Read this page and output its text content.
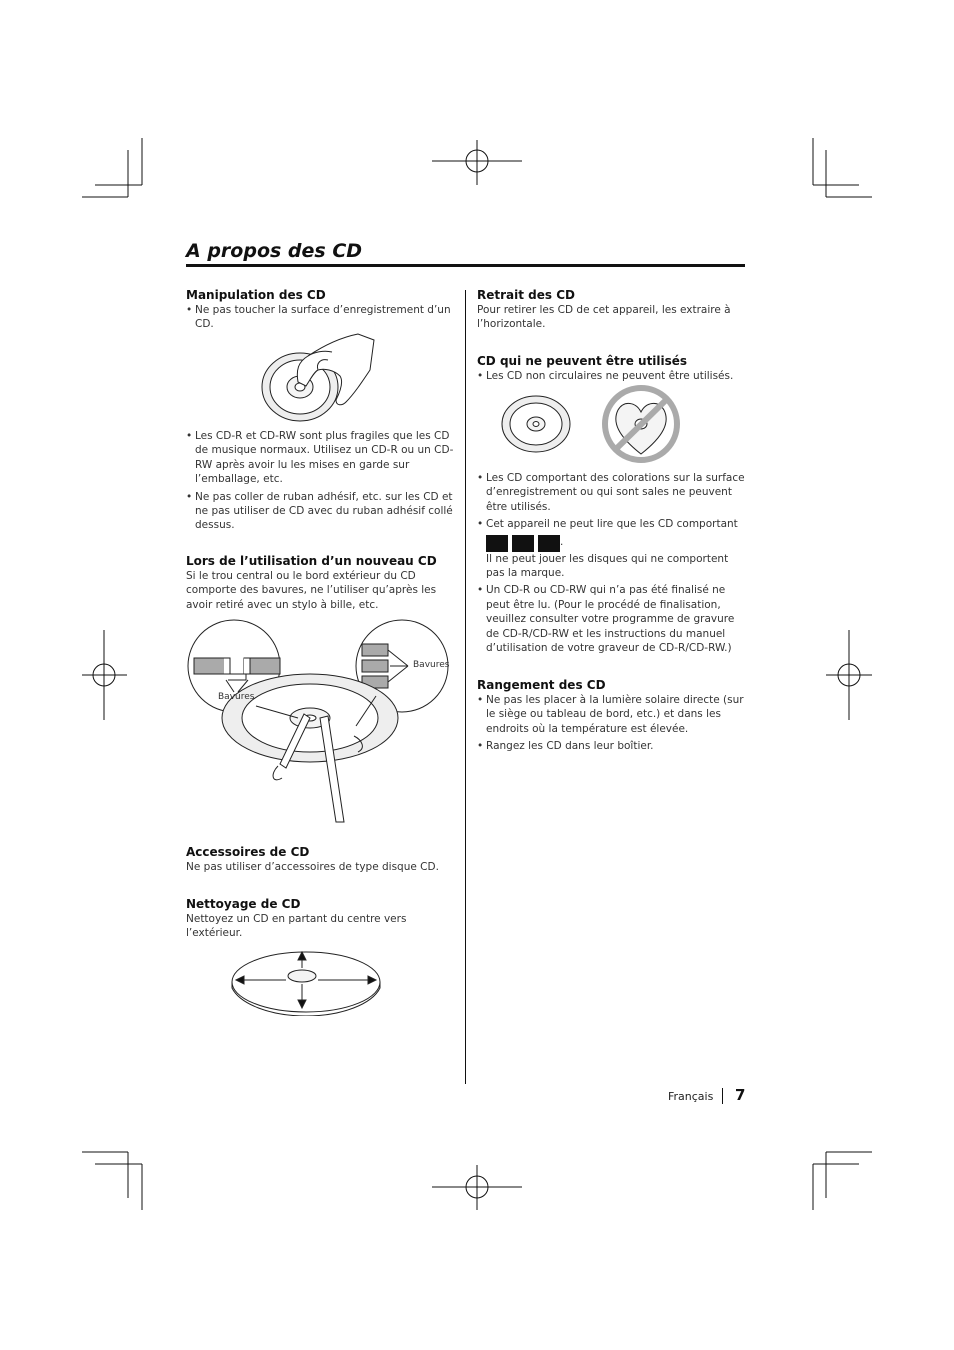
A propos des CD
Manipulation des CD
• Ne pas toucher la surface d’enregistrement d’un CD.
• Les CD-R et CD-RW sont plus fragiles que les CD de musique normaux. Utilisez un CD-R ou un CD-RW après avoir lu les mises en garde sur l’emballage, etc.
• Ne pas coller de ruban adhésif, etc. sur les CD et ne pas utiliser de CD avec du ruban adhésif collé dessus.
Lors de l’utilisation d’un nouveau CD

Si le trou central ou le bord extérieur du CD comporte des bavures, ne l’utiliser qu’après les avoir retiré avec un stylo à bille, etc.

Bavures
Bavures
Accessoires de CD

Ne pas utiliser d’accessoires de type disque CD.

Nettoyage de CD

Nettoyez un CD en partant du centre vers l’extérieur.

Retrait des CD

Pour retirer les CD de cet appareil, les extraire à l’horizontale.

CD qui ne peuvent être utilisés
• Les CD non circulaires ne peuvent être utilisés.
• Les CD comportant des colorations sur la surface d’enregistrement ou qui sont sales ne peuvent être utilisés.
• Cet appareil ne peut lire que les CD comportant

.
Il ne peut jouer les disques qui ne comportent pas la marque.
• Un CD-R ou CD-RW qui n’a pas été finalisé ne peut être lu. (Pour le procédé de finalisation, veuillez consulter votre programme de gravure de CD-R/CD-RW et les instructions du manuel d’utilisation de votre graveur de CD-R/CD-RW.)
Rangement des CD
• Ne pas les placer à la lumière solaire directe (sur le siège ou tableau de bord, etc.) et dans les endroits où la température est élevée.
• Rangez les CD dans leur boîtier.
Français 7
